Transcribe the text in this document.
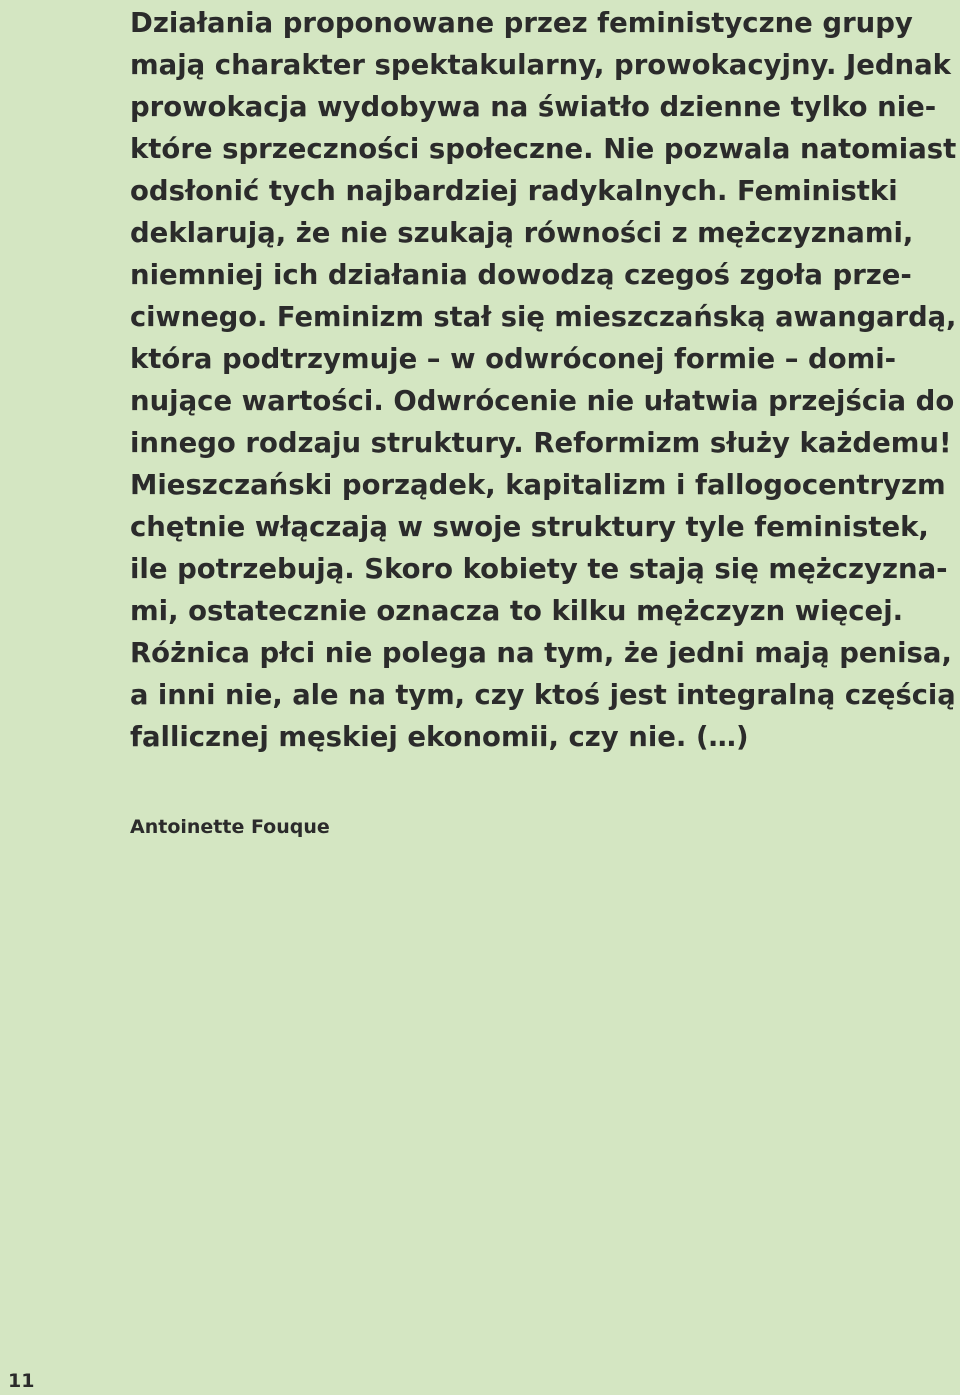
Działania proponowane przez feministyczne grupy
mają charakter spektakularny, prowokacyjny. Jednak
prowokacja wydobywa na światło dzienne tylko nie-
które sprzeczności społeczne. Nie pozwala natomiast
odsłonić tych najbardziej radykalnych. Feministki
deklarują, że nie szukają równości z mężczyznami,
niemniej ich działania dowodzą czegoś zgoła prze-
ciwnego. Feminizm stał się mieszczańską awangardą,
która podtrzymuje – w odwróconej formie – domi-
nujące wartości. Odwrócenie nie ułatwia przejścia do
innego rodzaju struktury. Reformizm służy każdemu!
Mieszczański porządek, kapitalizm i fallogocentryzm
chętnie włączają w swoje struktury tyle feministek,
ile potrzebują. Skoro kobiety te stają się mężczyzna-
mi, ostatecznie oznacza to kilku mężczyzn więcej.
Różnica płci nie polega na tym, że jedni mają penisa,
a inni nie, ale na tym, czy ktoś jest integralną częścią
fallicznej męskiej ekonomii, czy nie. (…)
Antoinette Fouque
11
